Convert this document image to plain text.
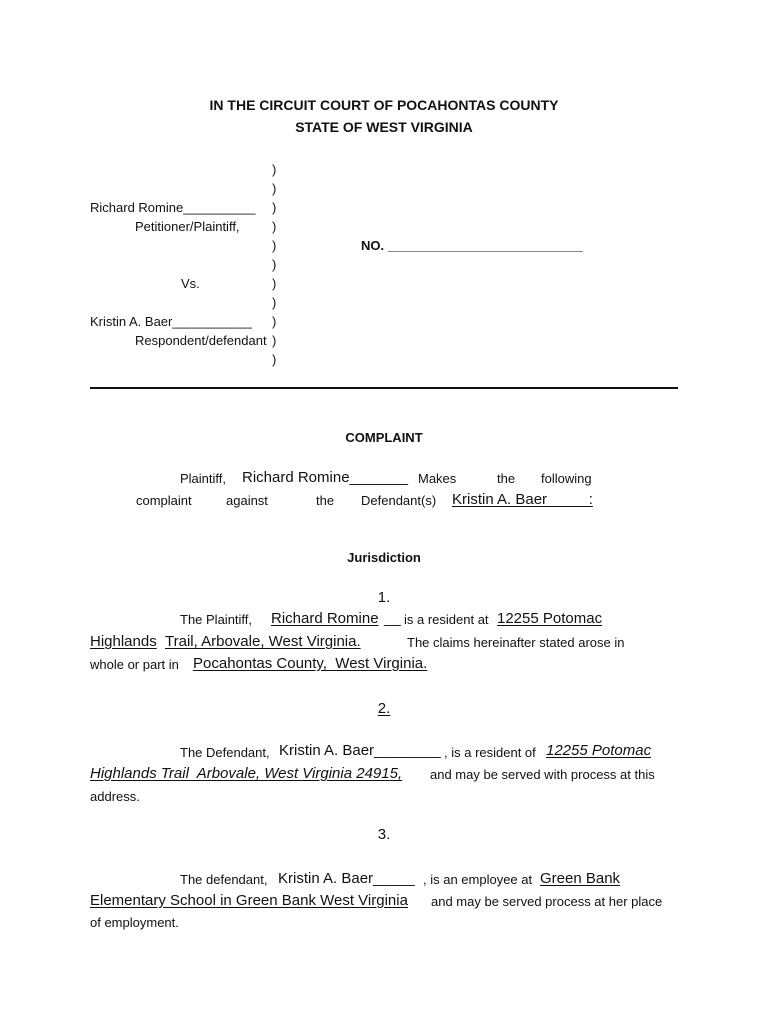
IN THE CIRCUIT COURT OF POCAHONTAS COUNTY
STATE OF WEST VIRGINIA
)
)
)
)
)
)
)
)
)
)
)
Richard Romine__________
Petitioner/Plaintiff,
Vs.
Kristin A. Baer___________
Respondent/defendant
NO. ___________________________
COMPLAINT
Plaintiff, Richard Romine_______ Makes	the following
complaint	against	the Defendant(s) Kristin A. Baer          :
Jurisdiction
1.
The Plaintiff, Richard Romine __ is a resident at 12255 Potomac
Highlands Trail, Arbovale, West Virginia.	The claims hereinafter stated arose in
whole or part in Pocahontas County,  West Virginia.
2.
The Defendant, Kristin A. Baer________ , is a resident of 12255 Potomac
Highlands Trail  Arbovale, West Virginia 24915, and may be served with process at this
address.
3.
The defendant, Kristin A. Baer_____ , is an employee at Green Bank
Elementary School in Green Bank West Virginia and may be served process at her place
of employment.
